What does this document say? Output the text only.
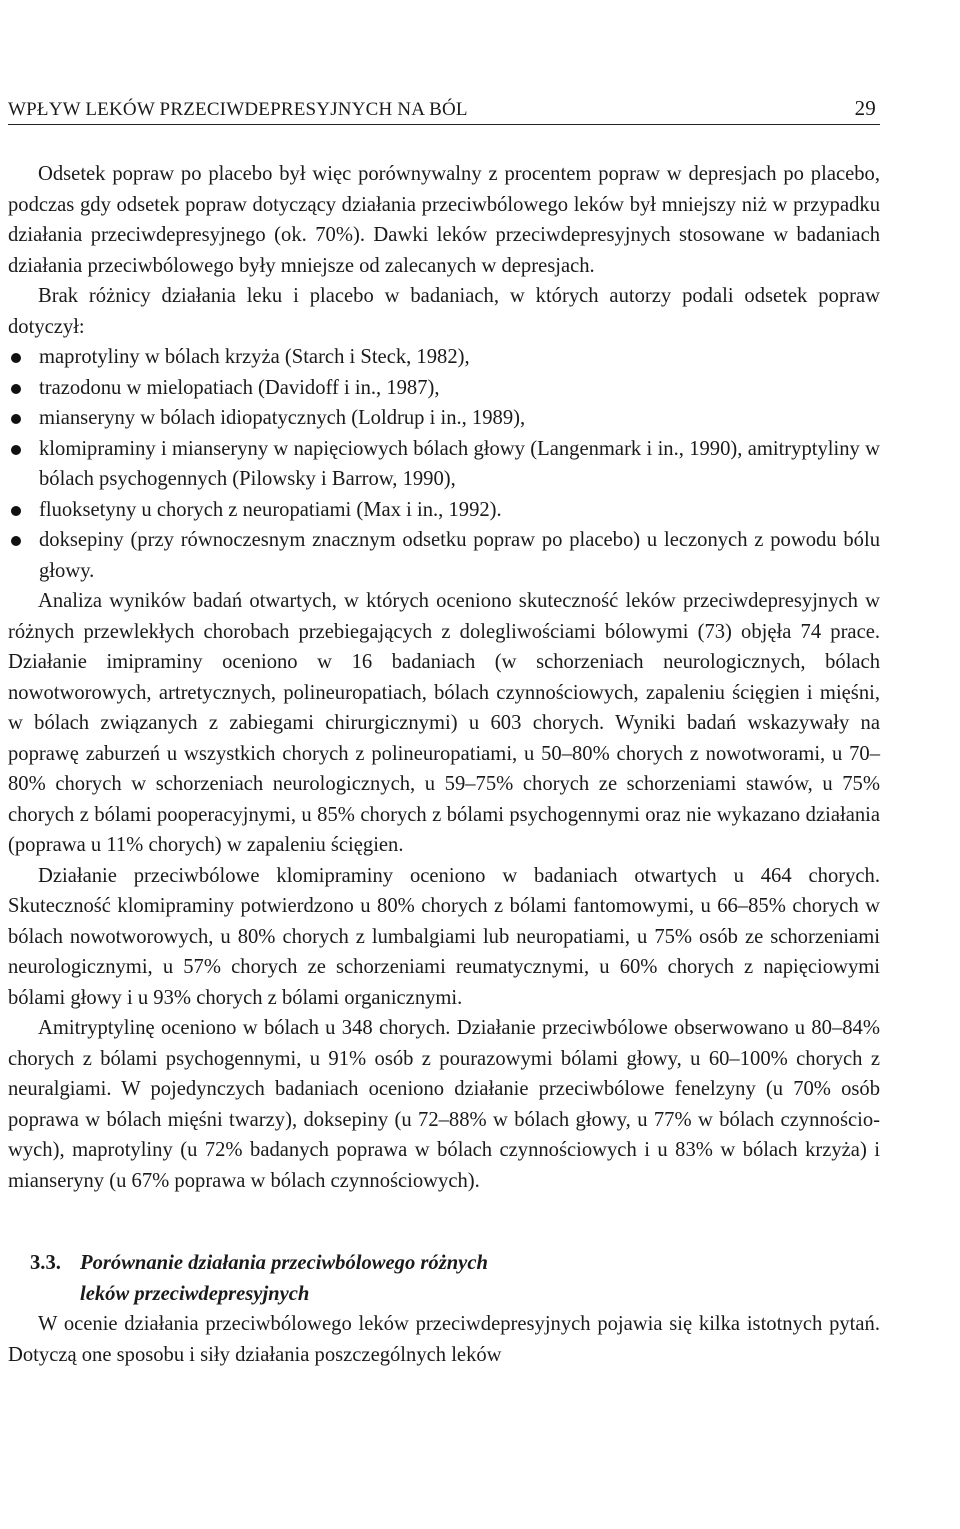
WPŁYW LEKÓW PRZECIWDEPRESYJNYCH NA BÓL	29

Odsetek popraw po placebo był więc porównywalny z procentem popraw w depresjach po placebo, podczas gdy odsetek popraw dotyczący działania przeciwbólowego leków był mniejszy niż w przypadku działania przeciwdepresyjnego (ok. 70%). Dawki leków przeciwdepresyjnych stosowane w badaniach działania przeciwbólowego były mniejsze od zalecanych w depresjach.

Brak różnicy działania leku i placebo w badaniach, w których autorzy podali odsetek popraw dotyczył:

maprotyliny w bólach krzyża (Starch i Steck, 1982),
trazodonu w mielopatiach (Davidoff i in., 1987),
mianseryny w bólach idiopatycznych (Loldrup i in., 1989),
klomipraminy i mianseryny w napięciowych bólach głowy (Langenmark i in., 1990), amitryptyliny w bólach psychogennych (Pilowsky i Barrow, 1990),
fluoksetyny u chorych z neuropatiami (Max i in., 1992).
doksepiny (przy równoczesnym znacznym odsetku popraw po placebo) u leczonych z powodu bólu głowy.

Analiza wyników badań otwartych, w których oceniono skuteczność leków przeciwdepresyjnych w różnych przewlekłych chorobach przebiegających z dolegliwościami bólowymi (73) objęła 74 prace. Działanie imipraminy oceniono w 16 badaniach (w schorzeniach neurologicznych, bólach nowotworowych, artretycznych, polineuropatiach, bólach czynnościowych, zapaleniu ścięgien i mięśni, w bólach związanych z zabiegami chirurgicznymi) u 603 chorych. Wyniki badań wskazywały na poprawę zaburzeń u wszystkich chorych z polineuropatiami, u 50–80% chorych z nowotworami, u 70–80% chorych w schorzeniach neurologicznych, u 59–75% chorych ze schorzeniami stawów, u 75% chorych z bólami pooperacyjnymi, u 85% chorych z bólami psychogennymi oraz nie wykazano działania (poprawa u 11% chorych) w zapaleniu ścięgien.

Działanie przeciwbólowe klomipraminy oceniono w badaniach otwartych u 464 chorych. Skuteczność klomipraminy potwierdzono u 80% chorych z bólami fantomowymi, u 66–85% chorych w bólach nowotworowych, u 80% chorych z lumbalgiami lub neuropatiami, u 75% osób ze schorzeniami neurologicznymi, u 57% chorych ze schorzeniami reumatycznymi, u 60% chorych z napięciowymi bólami głowy i u 93% chorych z bólami organicznymi.

Amitryptylinę oceniono w bólach u 348 chorych. Działanie przeciwbólowe obserwowano u 80–84% chorych z bólami psychogennymi, u 91% osób z pourazowymi bólami głowy, u 60–100% chorych z neuralgiami. W pojedynczych badaniach oceniono działanie przeciwbólowe fenelzyny (u 70% osób poprawa w bólach mięśni twarzy), doksepiny (u 72–88% w bólach głowy, u 77% w bólach czynnościowych), maprotyliny (u 72% badanych poprawa w bólach czynnościowych i u 83% w bólach krzyża) i mianseryny (u 67% poprawa w bólach czynnościowych).

3.3. Porównanie działania przeciwbólowego różnych
leków przeciwdepresyjnych

W ocenie działania przeciwbólowego leków przeciwdepresyjnych pojawia się kilka istotnych pytań. Dotyczą one sposobu i siły działania poszczególnych leków
